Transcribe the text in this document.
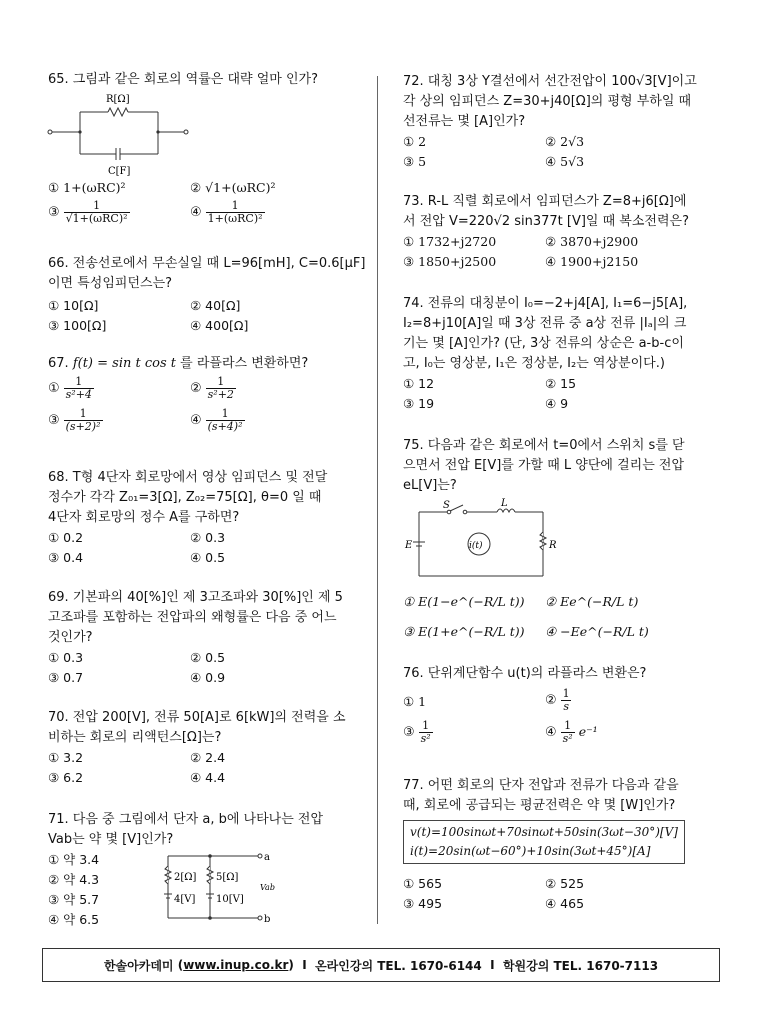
65. 그림과 같은 회로의 역률은 대략 얼마 인가?
R[Ω]
C[F]
① 1+(ωRC)²	② √1+(ωRC)²
③ $\frac{1}{\text{√1+(ωRC)²}}$	④ $\frac{1}{\text{1+(ωRC)²}}$
66. 전송선로에서 무손실일 때 L=96[mH], C=0.6[μF]이면 특성임피던스는?
① 10[Ω]	② 40[Ω]
③ 100[Ω]	④ 400[Ω]
67. f(t) = sin t cos t 를 라플라스 변환하면?
① $\frac{1}{\text{s²+4}}$	② $\frac{1}{\text{s²+2}}$
③ $\frac{1}{\text{(s+2)²}}$	④ $\frac{1}{\text{(s+4)²}}$
68. T형 4단자 회로망에서 영상 임피던스 및 전달
정수가 각각 Z₀₁=3[Ω], Z₀₂=75[Ω], θ=0 일 때
4단자 회로망의 정수 A를 구하면?
① 0.2	② 0.3
③ 0.4	④ 0.5
69. 기본파의 40[%]인 제 3고조파와 30[%]인 제 5
고조파를 포함하는 전압파의 왜형률은 다음 중 어느
것인가?
① 0.3	② 0.5
③ 0.7	④ 0.9
70. 전압 200[V], 전류 50[A]로 6[kW]의 전력을 소
비하는 회로의 리액턴스[Ω]는?
① 3.2	② 2.4
③ 6.2	④ 4.4
71. 다음 중 그림에서 단자 a, b에 나타나는 전압
Vab는 약 몇 [V]인가?
① 약 3.4
② 약 4.3
③ 약 5.7
④ 약 6.5
2[Ω] 5[Ω]
4[V] 10[V]
a
b
Vab
72. 대칭 3상 Y결선에서 선간전압이 100√3[V]이고
각 상의 임피던스 Z=30+j40[Ω]의 평형 부하일 때
선전류는 몇 [A]인가?
① 2	② 2√3
③ 5	④ 5√3
73. R-L 직렬 회로에서 임피던스가 Z=8+j6[Ω]에
서 전압 V=220√2 sin377t [V]일 때 복소전력은?
① 1732+j2720	② 3870+j2900
③ 1850+j2500	④ 1900+j2150
74. 전류의 대칭분이 I₀=−2+j4[A], I₁=6−j5[A],
I₂=8+j10[A]일 때 3상 전류 중 a상 전류 |Iₐ|의 크
기는 몇 [A]인가? (단, 3상 전류의 상순은 a-b-c이
고, I₀는 영상분, I₁은 정상분, I₂는 역상분이다.)
① 12	② 15
③ 19	④ 9
75. 다음과 같은 회로에서 t=0에서 스위치 s를 닫
으면서 전압 E[V]를 가할 때 L 양단에 걸리는 전압
eL[V]는?
E	R
S	L
i(t)
① E(1−e^(−R/L t)) ② Ee^(−R/L t)
③ E(1+e^(−R/L t)) ④ −Ee^(−R/L t)
76. 단위계단함수 u(t)의 라플라스 변환은?
① 1	② $\frac{1}{s}$
③ $\frac{1}{\text{s²}}$	④ $\frac{1}{\text{s²}} e^{-1}$
77. 어떤 회로의 단자 전압과 전류가 다음과 같을
때, 회로에 공급되는 평균전력은 약 몇 [W]인가?
v(t)=100sinωt+70sinωt+50sin(3ωt−30°)[V]
i(t)=20sin(ωt−60°)+10sin(3ωt+45°)[A]
① 565	② 525
③ 495	④ 465
한솔아카데미 ( www.inup.co.kr ) I
온라인강의 TEL. 1670-6144
I
학원강의 TEL. 1670-7113
